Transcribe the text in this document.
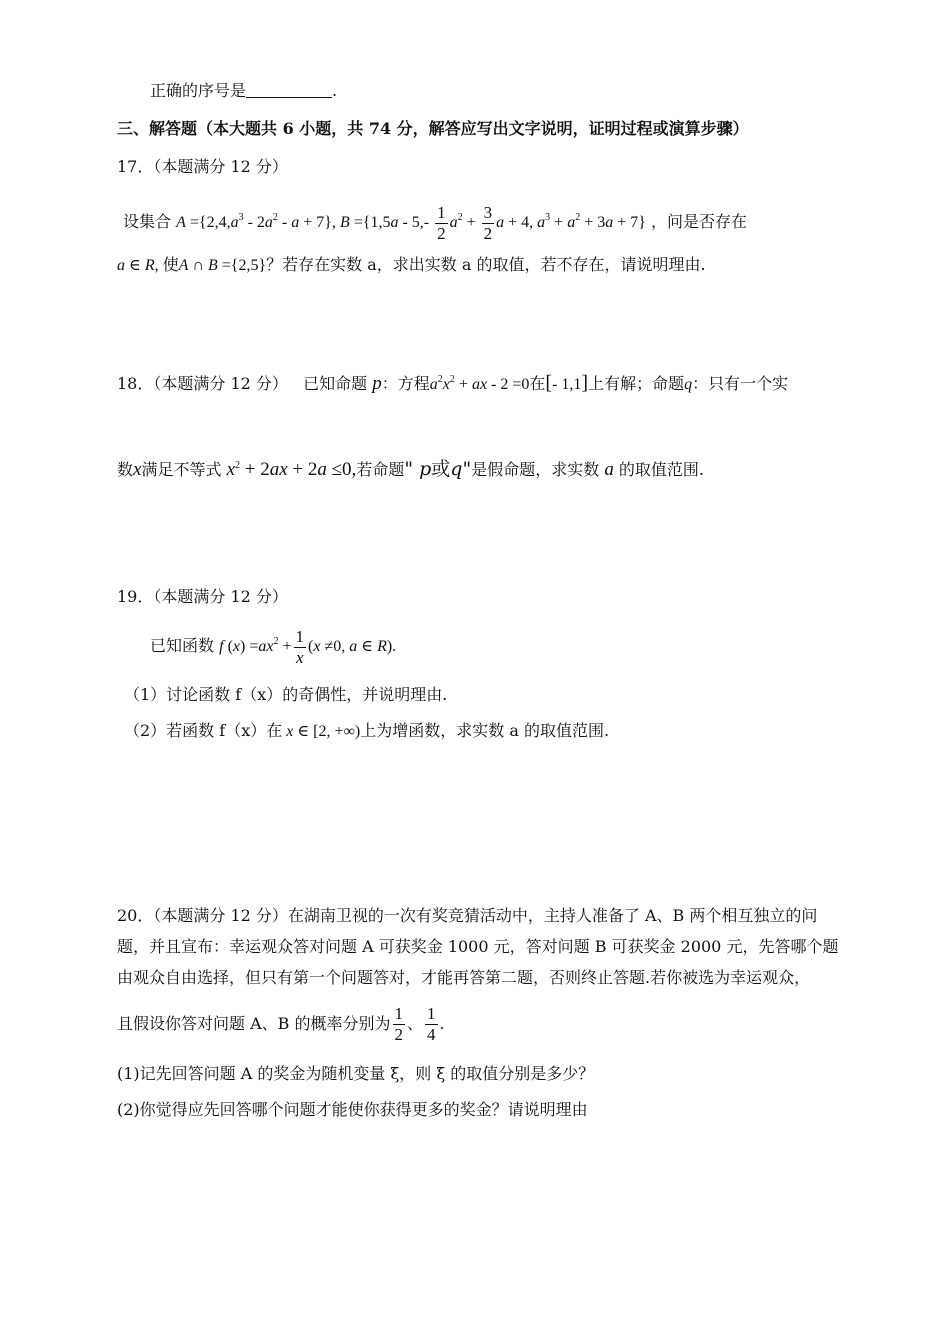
正确的序号是	.
三、解答题（本大题共 6 小题，共 74 分，解答应写出文字说明，证明过程或演算步骤）
17．（本题满分 12 分）
设集合 $A =\{2,4,a^3 - 2a^2 - a + 7\}$, $B =\{1,5a - 5,- \frac{1}{2} a^2 + \frac{3}{2}$ a + 4, $a^3 + a^2 + 3a + 7$} ，问是否存在
a ∈ R, 使A ∩ B ={2,5}？若存在实数 a，求出实数 a 的取值，若不存在，请说明理由.
18．（本题满分 12 分） 已知命题 p：方程$a^2x^2$ + ax - 2 =0在[- 1,1]上有解；命题q：只有一个实
数x满足不等式 $x^2 + 2ax + 2a \le 0$,若命题" p或q"是假命题，求实数 a 的取值范围.
19．（本题满分 12 分）
已知函数 f $(x) =ax^2 + \frac{1}{x} (x \ne 0$, a ∈ R).
（1）讨论函数 f（x）的奇偶性，并说明理由.
（2）若函数 f（x）在 x ∈ [2, +∞)上为增函数，求实数 a 的取值范围.
20．（本题满分 12 分）在湖南卫视的一次有奖竞猜活动中，主持人准备了 A、B 两个相互独立的问
题，并且宣布：幸运观众答对问题 A 可获奖金 1000 元，答对问题 B 可获奖金 2000 元，先答哪个题
由观众自由选择，但只有第一个问题答对，才能再答第二题，否则终止答题.若你被选为幸运观众，
且假设你答对问题 A、B 的概率分别为 $\frac{1}{2}$ 、 $\frac{1}{4}$ .
(1)记先回答问题 A 的奖金为随机变量 ξ，则 ξ 的取值分别是多少？
(2)你觉得应先回答哪个问题才能使你获得更多的奖金？请说明理由
